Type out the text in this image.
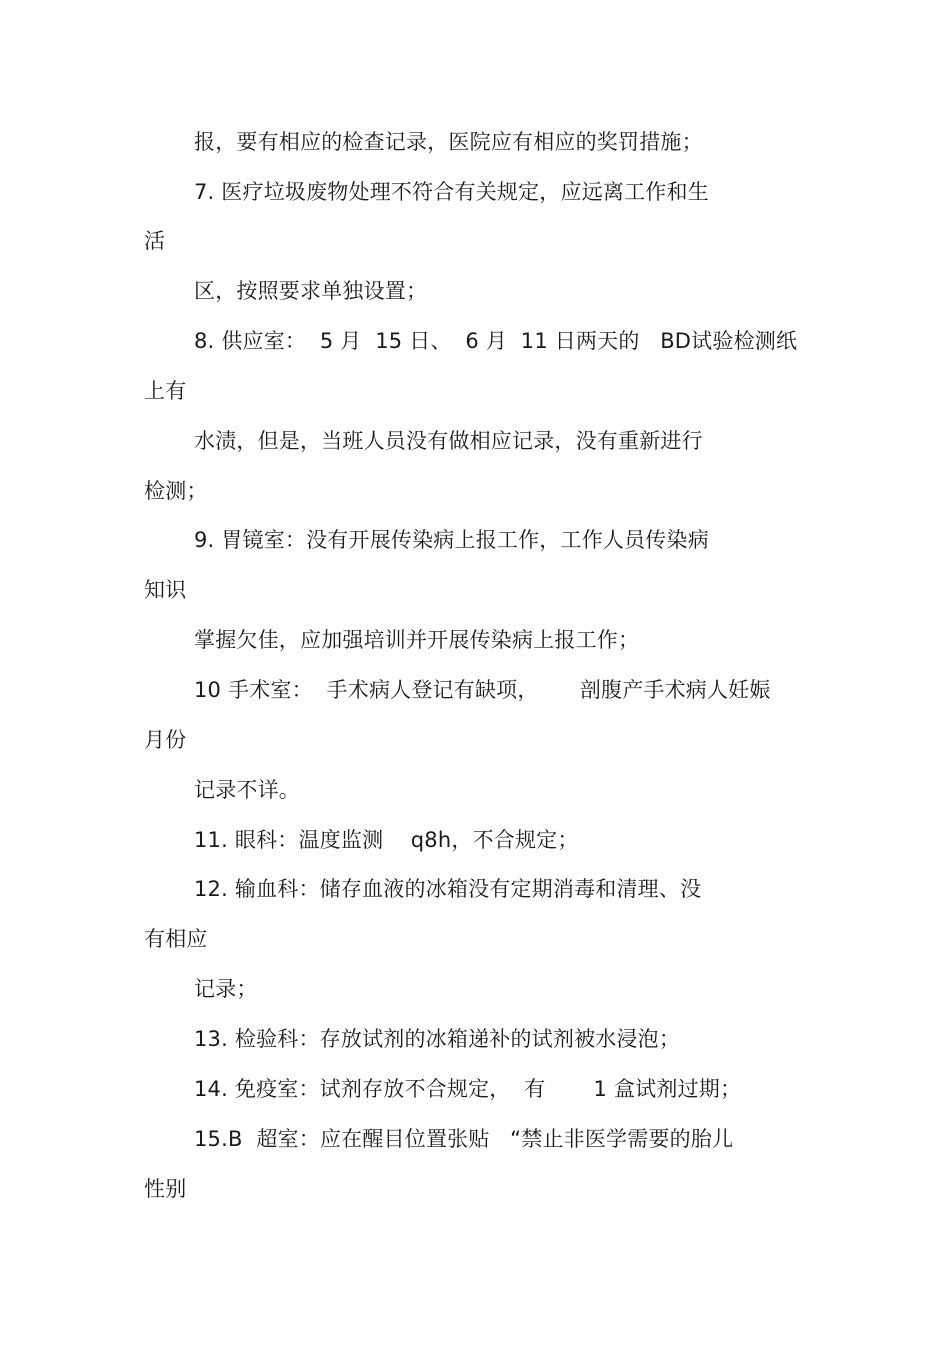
报，要有相应的检查记录，医院应有相应的奖罚措施；
7. 医疗垃圾废物处理不符合有关规定，应远离工作和生
活
区，按照要求单独设置；
8. 供应室：  5 月  15 日、  6 月  11 日两天的   BD试验检测纸
上有
水渍，但是，当班人员没有做相应记录，没有重新进行
检测；
9. 胃镜室：没有开展传染病上报工作，工作人员传染病
知识
掌握欠佳，应加强培训并开展传染病上报工作；
10 手术室：  手术病人登记有缺项，      剖腹产手术病人妊娠
月份
记录不详。
11. 眼科：温度监测    q8h，不合规定；
12. 输血科：储存血液的冰箱没有定期消毒和清理、没
有相应
记录；
13. 检验科：存放试剂的冰箱递补的试剂被水浸泡；
14. 免疫室：试剂存放不合规定，  有       1 盒试剂过期；
15.B  超室：应在醒目位置张贴   “禁止非医学需要的胎儿
性别
